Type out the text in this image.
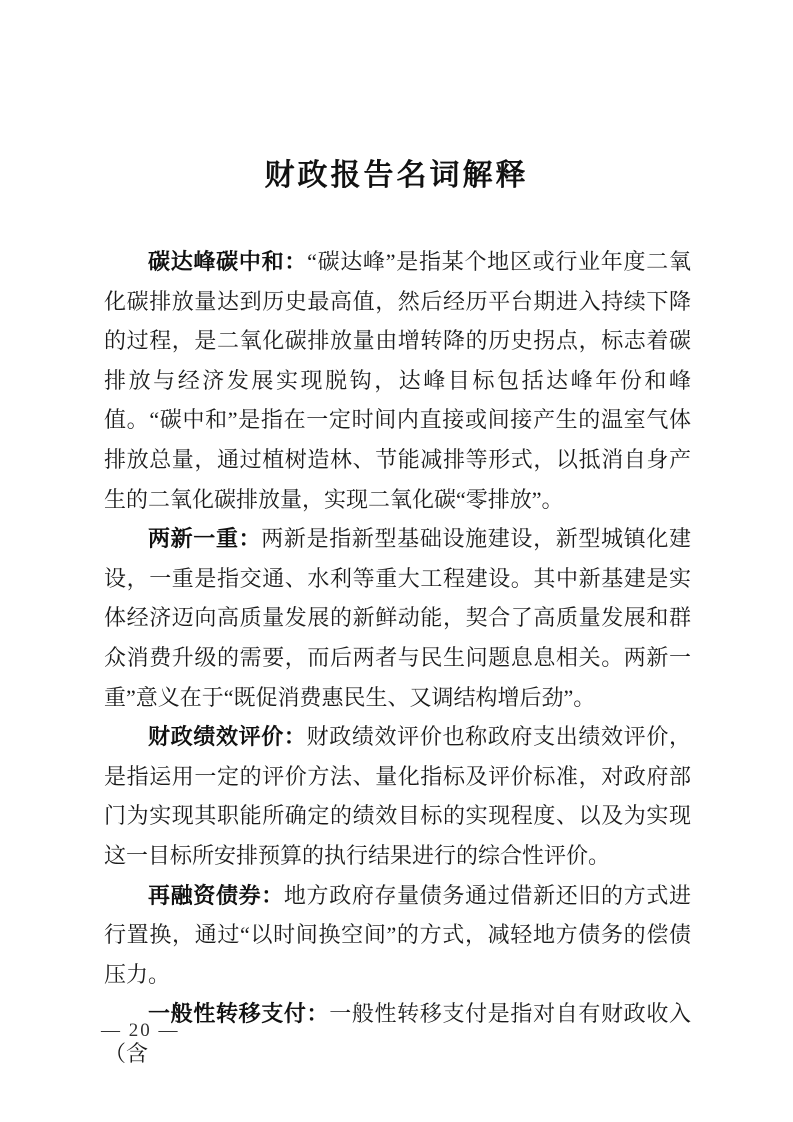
财政报告名词解释

碳达峰碳中和：“碳达峰”是指某个地区或行业年度二氧化碳排放量达到历史最高值，然后经历平台期进入持续下降的过程，是二氧化碳排放量由增转降的历史拐点，标志着碳排放与经济发展实现脱钩，达峰目标包括达峰年份和峰值。“碳中和”是指在一定时间内直接或间接产生的温室气体排放总量，通过植树造林、节能减排等形式，以抵消自身产生的二氧化碳排放量，实现二氧化碳“零排放”。

两新一重：两新是指新型基础设施建设，新型城镇化建设，一重是指交通、水利等重大工程建设。其中新基建是实体经济迈向高质量发展的新鲜动能，契合了高质量发展和群众消费升级的需要，而后两者与民生问题息息相关。两新一重”意义在于“既促消费惠民生、又调结构增后劲”。

财政绩效评价：财政绩效评价也称政府支出绩效评价，是指运用一定的评价方法、量化指标及评价标准，对政府部门为实现其职能所确定的绩效目标的实现程度、以及为实现这一目标所安排预算的执行结果进行的综合性评价。

再融资债券：地方政府存量债务通过借新还旧的方式进行置换，通过“以时间换空间”的方式，减轻地方债务的偿债压力。

一般性转移支付：一般性转移支付是指对自有财政收入（含

— 20 —
